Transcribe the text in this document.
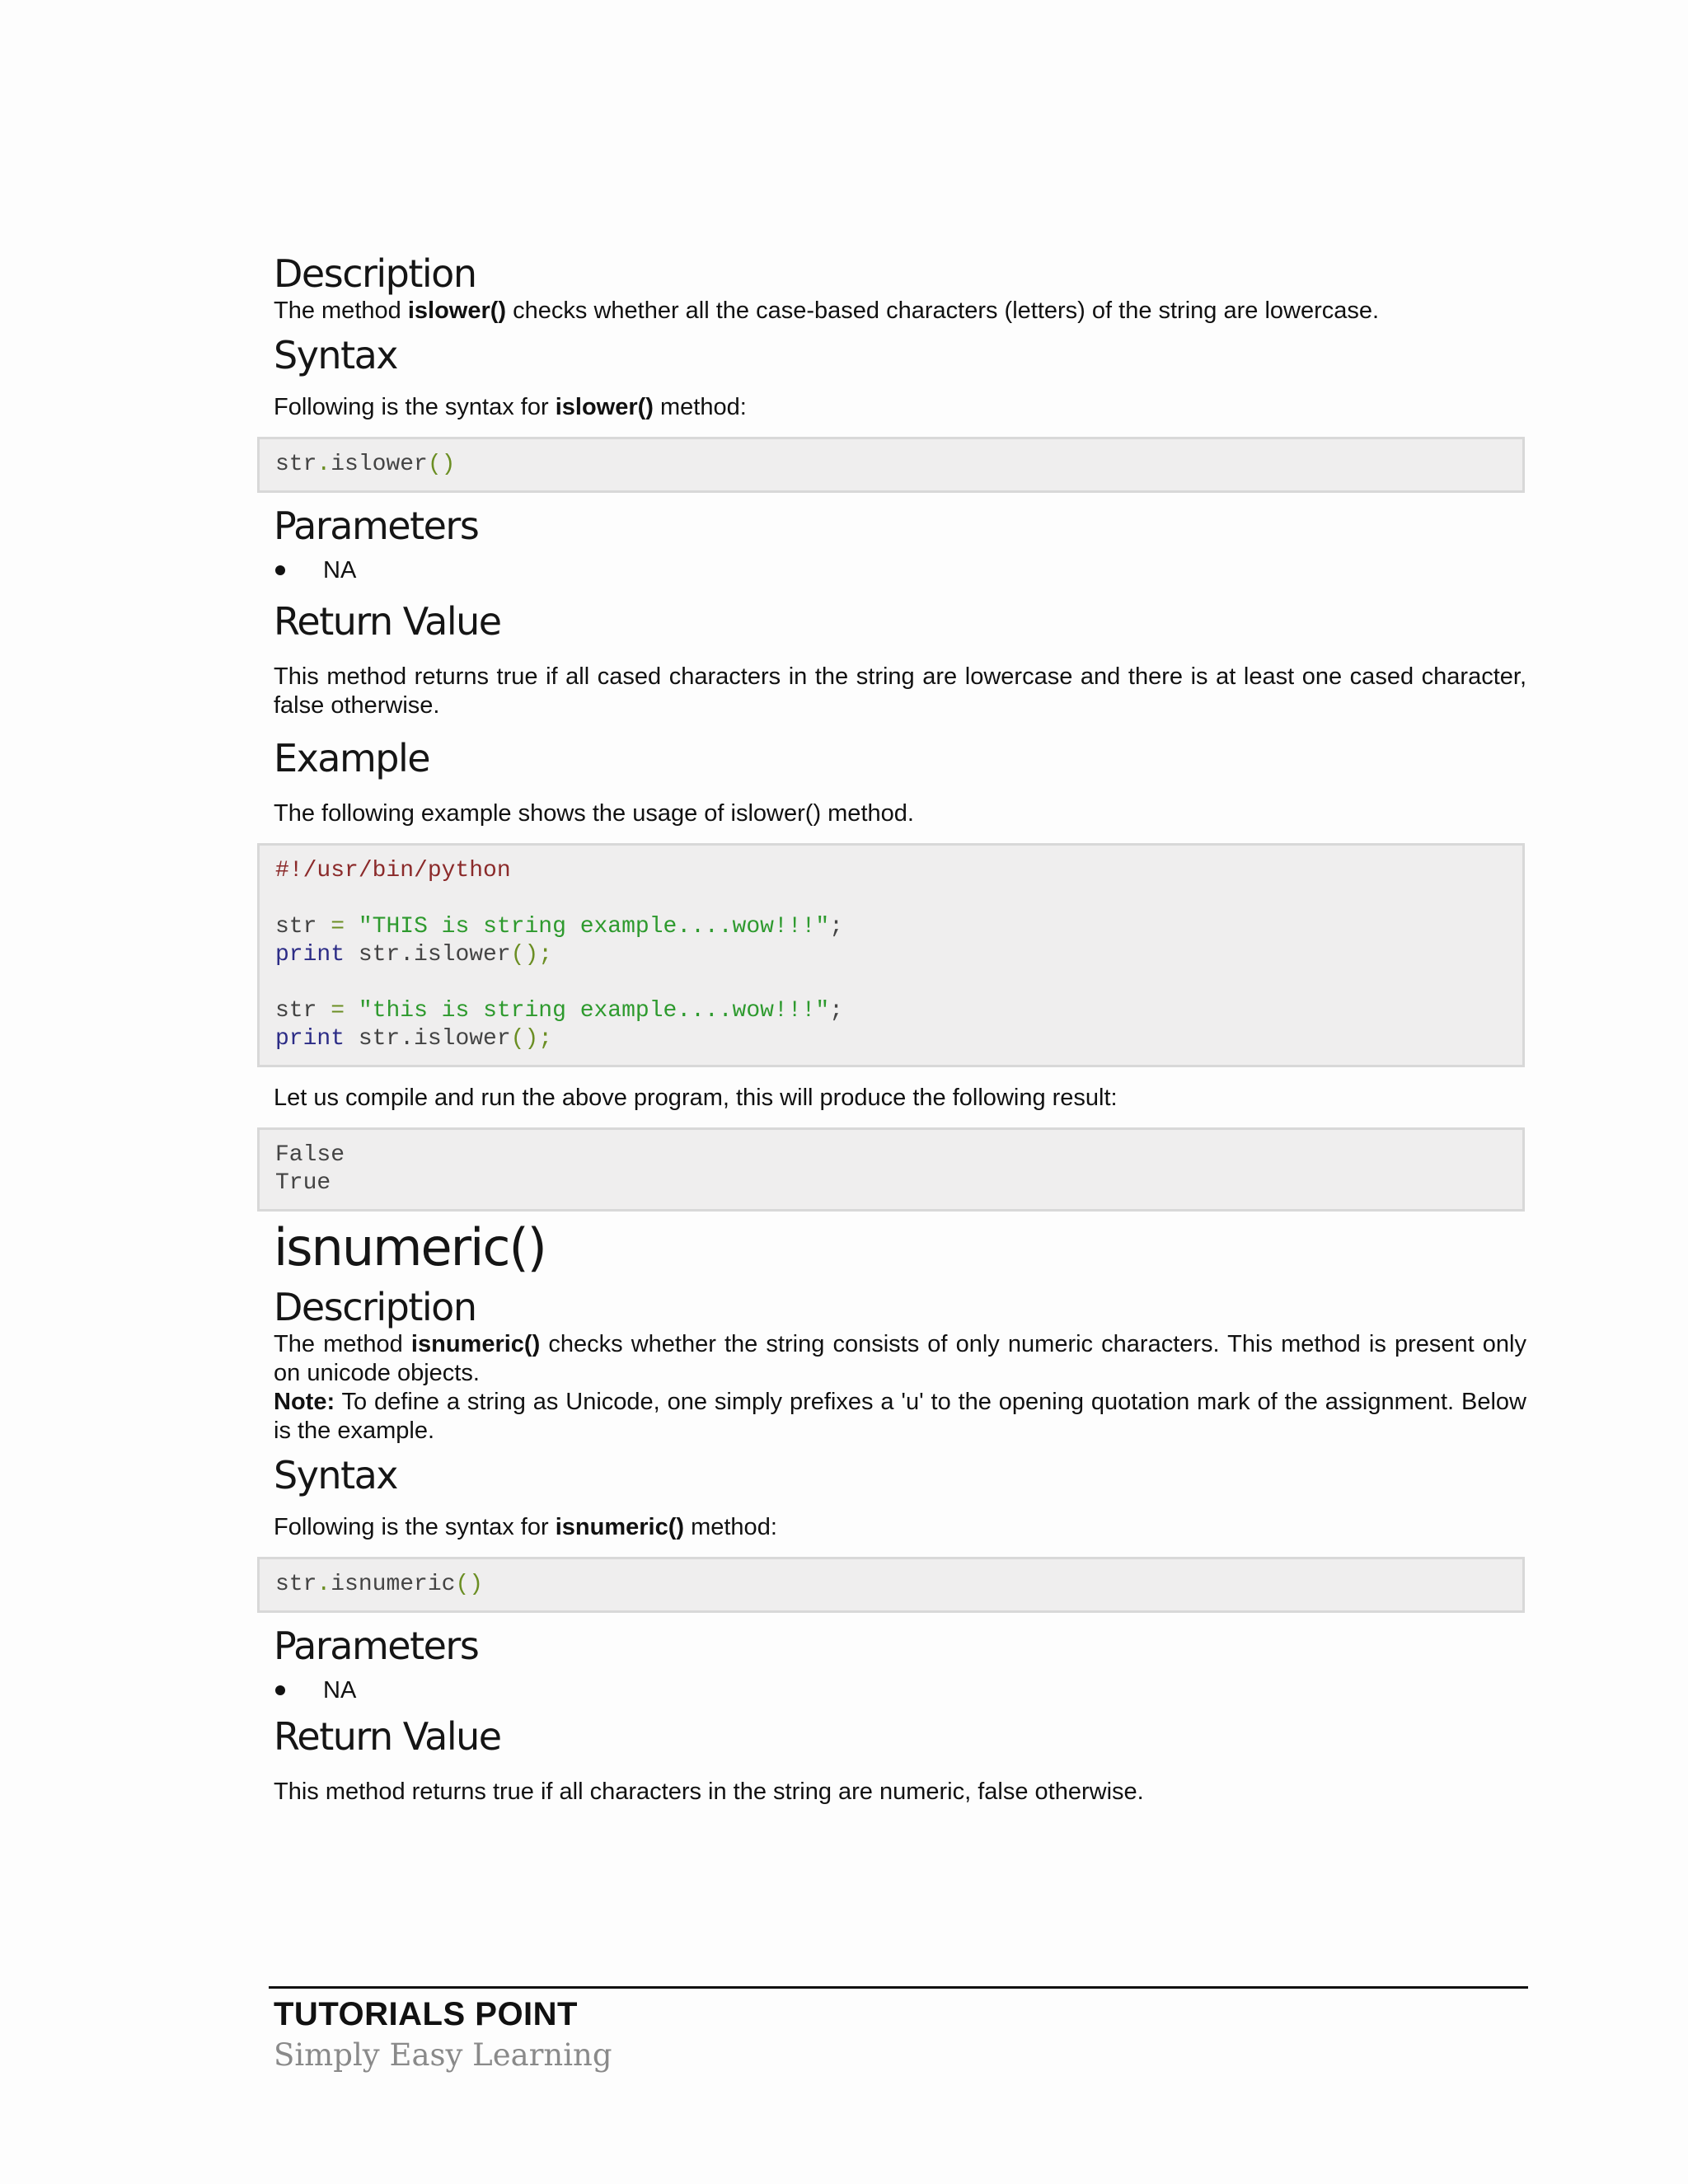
Description

The method islower() checks whether all the case-based characters (letters) of the string are lowercase.

Syntax

Following is the syntax for islower() method:

str.islower()
Parameters
NA
Return Value

This method returns true if all cased characters in the string are lowercase and there is at least one cased character, false otherwise.

Example

The following example shows the usage of islower() method.

#!/usr/bin/python

str = "THIS is string example....wow!!!";
print str.islower();

str = "this is string example....wow!!!";
print str.islower();

Let us compile and run the above program, this will produce the following result:

False
True
isnumeric()
Description

The method isnumeric() checks whether the string consists of only numeric characters. This method is present only on unicode objects.

Note: To define a string as Unicode, one simply prefixes a 'u' to the opening quotation mark of the assignment. Below is the example.

Syntax

Following is the syntax for isnumeric() method:

str.isnumeric()
Parameters
NA
Return Value

This method returns true if all characters in the string are numeric, false otherwise.

TUTORIALS POINT
Simply Easy Learning
